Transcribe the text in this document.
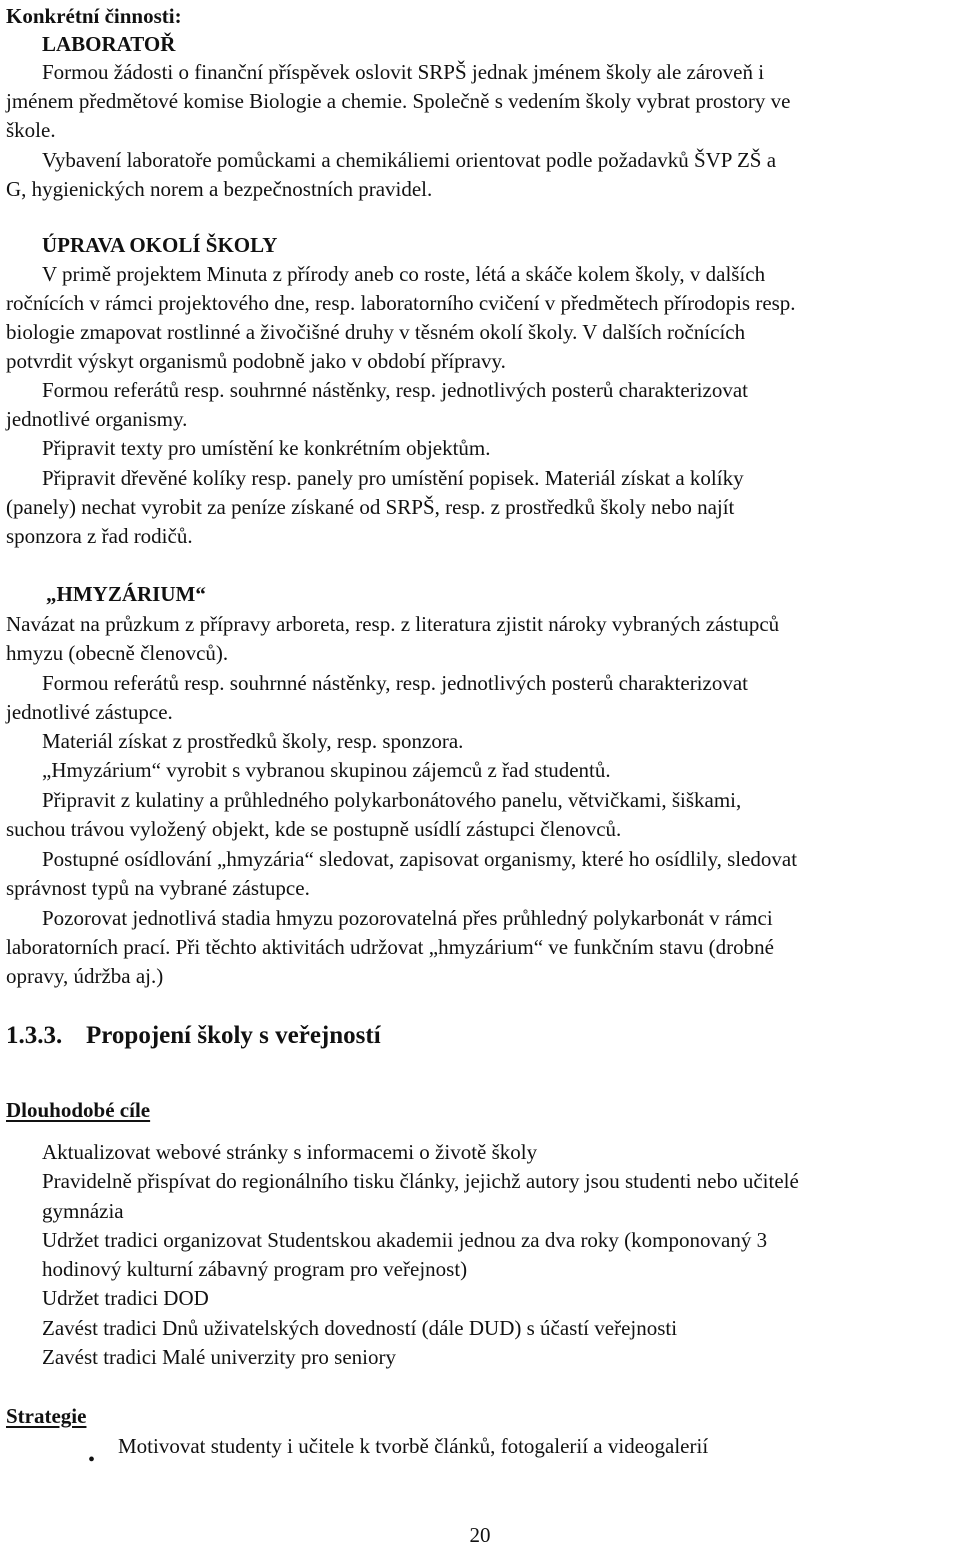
Konkrétní činnosti:
LABORATOŘ
Formou žádosti o finanční příspěvek oslovit SRPŠ jednak jménem školy ale zároveň i
jménem předmětové komise Biologie a chemie. Společně s vedením školy vybrat prostory ve
škole.
Vybavení laboratoře pomůckami a chemikáliemi orientovat podle požadavků ŠVP ZŠ a
G, hygienických norem a bezpečnostních pravidel.
ÚPRAVA OKOLÍ ŠKOLY
V primě projektem Minuta z přírody aneb co roste, létá a skáče kolem školy, v dalších
ročnících v rámci projektového dne, resp. laboratorního cvičení v předmětech přírodopis resp.
biologie zmapovat rostlinné a živočišné druhy v těsném okolí školy. V dalších ročnících
potvrdit výskyt organismů podobně jako v období přípravy.
Formou referátů resp. souhrnné nástěnky, resp. jednotlivých posterů charakterizovat
jednotlivé organismy.
Připravit texty pro umístění ke konkrétním objektům.
Připravit dřevěné kolíky resp. panely pro umístění popisek. Materiál získat a kolíky
(panely) nechat vyrobit za peníze získané od SRPŠ, resp. z prostředků školy nebo najít
sponzora z řad rodičů.
„HMYZÁRIUM“
Navázat na průzkum z přípravy arboreta, resp. z literatura zjistit nároky vybraných zástupců
hmyzu (obecně členovců).
Formou referátů resp. souhrnné nástěnky, resp. jednotlivých posterů charakterizovat
jednotlivé zástupce.
Materiál získat z prostředků školy, resp. sponzora.
„Hmyzárium“ vyrobit s vybranou skupinou zájemců z řad studentů.
Připravit z kulatiny a průhledného polykarbonátového panelu, větvičkami, šiškami,
suchou trávou vyložený objekt, kde se postupně usídlí zástupci členovců.
Postupné osídlování „hmyzária“ sledovat, zapisovat organismy, které ho osídlily, sledovat
správnost typů na vybrané zástupce.
Pozorovat jednotlivá stadia hmyzu pozorovatelná přes průhledný polykarbonát v rámci
laboratorních prací. Při těchto aktivitách udržovat „hmyzárium“ ve funkčním stavu (drobné
opravy, údržba aj.)
1.3.3. Propojení školy s veřejností
Dlouhodobé cíle
Aktualizovat webové stránky s informacemi o životě školy
Pravidelně přispívat do regionálního tisku články, jejichž autory jsou studenti nebo učitelé
gymnázia
Udržet tradici organizovat Studentskou akademii jednou za dva roky (komponovaný 3
hodinový kulturní zábavný program pro veřejnost)
Udržet tradici DOD
Zavést tradici Dnů uživatelských dovedností (dále DUD) s účastí veřejnosti
Zavést tradici Malé univerzity pro seniory
Strategie
•
Motivovat studenty i učitele k tvorbě článků, fotogalerií a videogalerií
20
